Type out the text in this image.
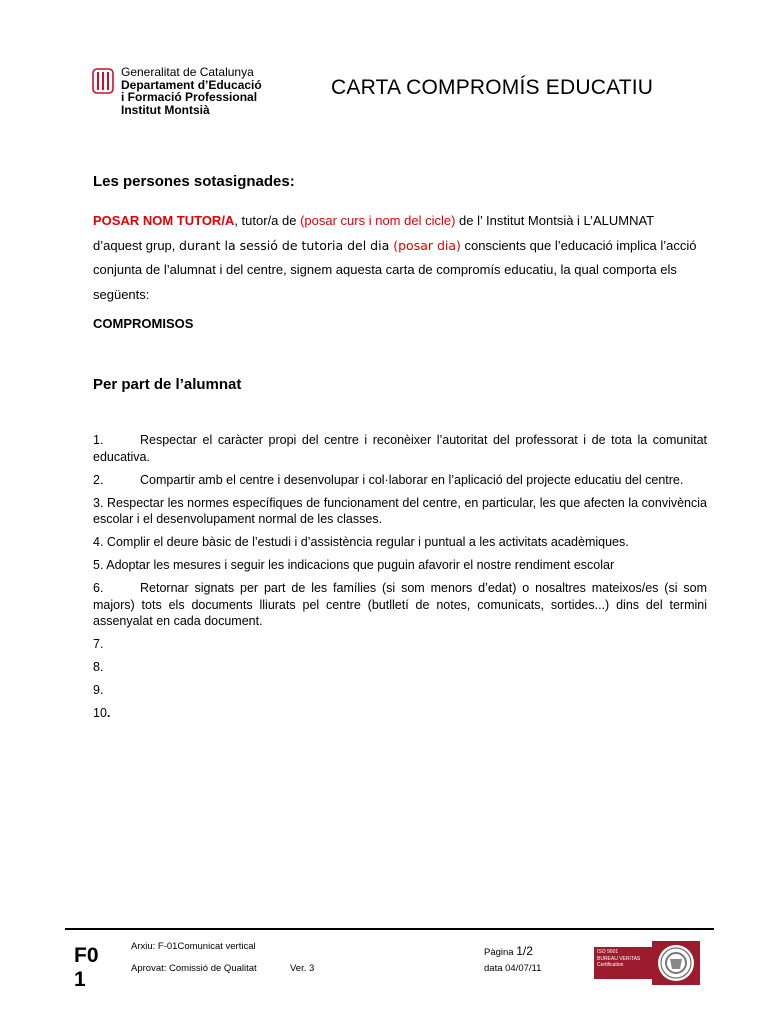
Generalitat de Catalunya
Departament d’Educació
i Formació Professional
Institut Montsià
CARTA COMPROMÍS EDUCATIU
Les persones sotasignades:
POSAR NOM TUTOR/A, tutor/a de (posar curs i nom del cicle) de l’ Institut Montsià i L’ALUMNAT
d’aquest grup, durant la sessió de tutoria del dia (posar dia) conscients que l’educació implica l’acció conjunta de l’alumnat i del centre, signem aquesta carta de compromís educatiu, la qual comporta els següents:
COMPROMISOS
Per part de l’alumnat
1.	Respectar el caràcter propi del centre i reconèixer l’autoritat del professorat i de tota la comunitat educativa.
2.	Compartir amb el centre i desenvolupar i col·laborar en l’aplicació del projecte educatiu del centre.
3. Respectar les normes específiques de funcionament del centre, en particular, les que afecten la convivència escolar i el desenvolupament normal de les classes.
4. Complir el deure bàsic de l’estudi i d’assistència regular i puntual a les activitats acadèmiques.
5. Adoptar les mesures i seguir les indicacions que puguin afavorir el nostre rendiment escolar
6.	Retornar signats per part de les famílies (si som menors d’edat) o nosaltres mateixos/es (si som majors) tots els documents lliurats pel centre (butlletí de notes, comunicats, sortides...) dins del termini assenyalat en cada document.
7.
8.
9.
10.
F0 1
Arxiu: F-01Comunicat vertical
Aprovat: Comissió de Qualitat	Ver. 3
Pàgina 1/2
data 04/07/11
ISO 9001
BUREAU VERITAS
Certification
